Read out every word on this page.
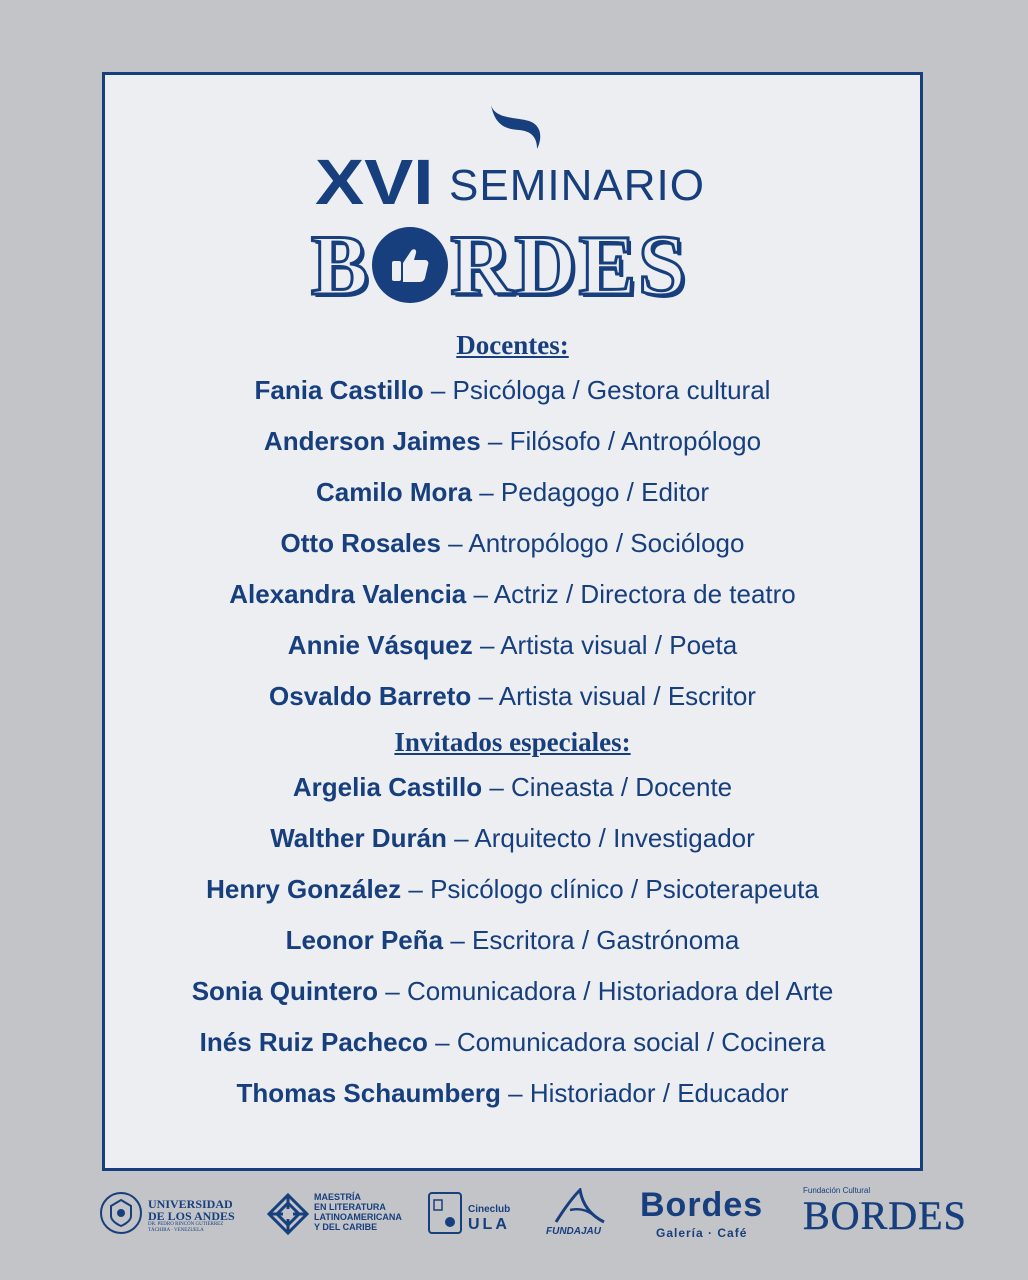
XVI SEMINARIO
B R D E S
Docentes:
Fania Castillo – Psicóloga / Gestora cultural
Anderson Jaimes – Filósofo / Antropólogo
Camilo Mora – Pedagogo / Editor
Otto Rosales – Antropólogo / Sociólogo
Alexandra Valencia – Actriz / Directora de teatro
Annie Vásquez – Artista visual / Poeta
Osvaldo Barreto – Artista visual / Escritor
Invitados especiales:
Argelia Castillo – Cineasta / Docente
Walther Durán – Arquitecto / Investigador
Henry González – Psicólogo clínico / Psicoterapeuta
Leonor Peña – Escritora / Gastrónoma
Sonia Quintero – Comunicadora / Historiadora del Arte
Inés Ruiz Pacheco – Comunicadora social / Cocinera
Thomas Schaumberg – Historiador / Educador
UNIVERSIDAD
DE LOS ANDES
DR. PEDRO RINCÓN GUTIÉRREZ
TÁCHIRA · VENEZUELA
MAESTRÍA
EN LITERATURA
LATINOAMERICANA
Y DEL CARIBE
Cineclub
ULA	FUNDAJAU
Bordes
Galería · Café
Fundación Cultural
BORDES
